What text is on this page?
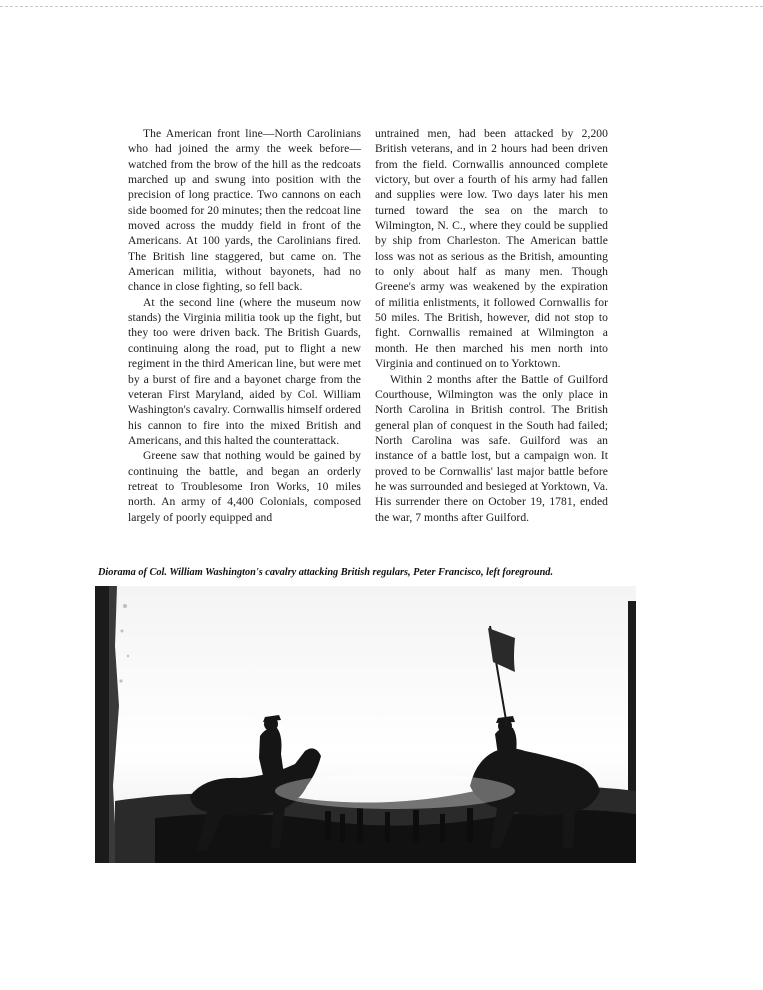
The American front line—North Carolinians who had joined the army the week before—watched from the brow of the hill as the redcoats marched up and swung into position with the precision of long practice. Two cannons on each side boomed for 20 minutes; then the redcoat line moved across the muddy field in front of the Americans. At 100 yards, the Carolinians fired. The British line staggered, but came on. The American militia, without bayonets, had no chance in close fighting, so fell back.

At the second line (where the museum now stands) the Virginia militia took up the fight, but they too were driven back. The British Guards, continuing along the road, put to flight a new regiment in the third American line, but were met by a burst of fire and a bayonet charge from the veteran First Maryland, aided by Col. William Washington's cavalry. Cornwallis himself ordered his cannon to fire into the mixed British and Americans, and this halted the counterattack.

Greene saw that nothing would be gained by continuing the battle, and began an orderly retreat to Troublesome Iron Works, 10 miles north. An army of 4,400 Colonials, composed largely of poorly equipped and

untrained men, had been attacked by 2,200 British veterans, and in 2 hours had been driven from the field. Cornwallis announced complete victory, but over a fourth of his army had fallen and supplies were low. Two days later his men turned toward the sea on the march to Wilmington, N. C., where they could be supplied by ship from Charleston. The American battle loss was not as serious as the British, amounting to only about half as many men. Though Greene's army was weakened by the expiration of militia enlistments, it followed Cornwallis for 50 miles. The British, however, did not stop to fight. Cornwallis remained at Wilmington a month. He then marched his men north into Virginia and continued on to Yorktown.

Within 2 months after the Battle of Guilford Courthouse, Wilmington was the only place in North Carolina in British control. The British general plan of conquest in the South had failed; North Carolina was safe. Guilford was an instance of a battle lost, but a campaign won. It proved to be Cornwallis' last major battle before he was surrounded and besieged at Yorktown, Va. His surrender there on October 19, 1781, ended the war, 7 months after Guilford.

Diorama of Col. William Washington's cavalry attacking British regulars, Peter Francisco, left foreground.
